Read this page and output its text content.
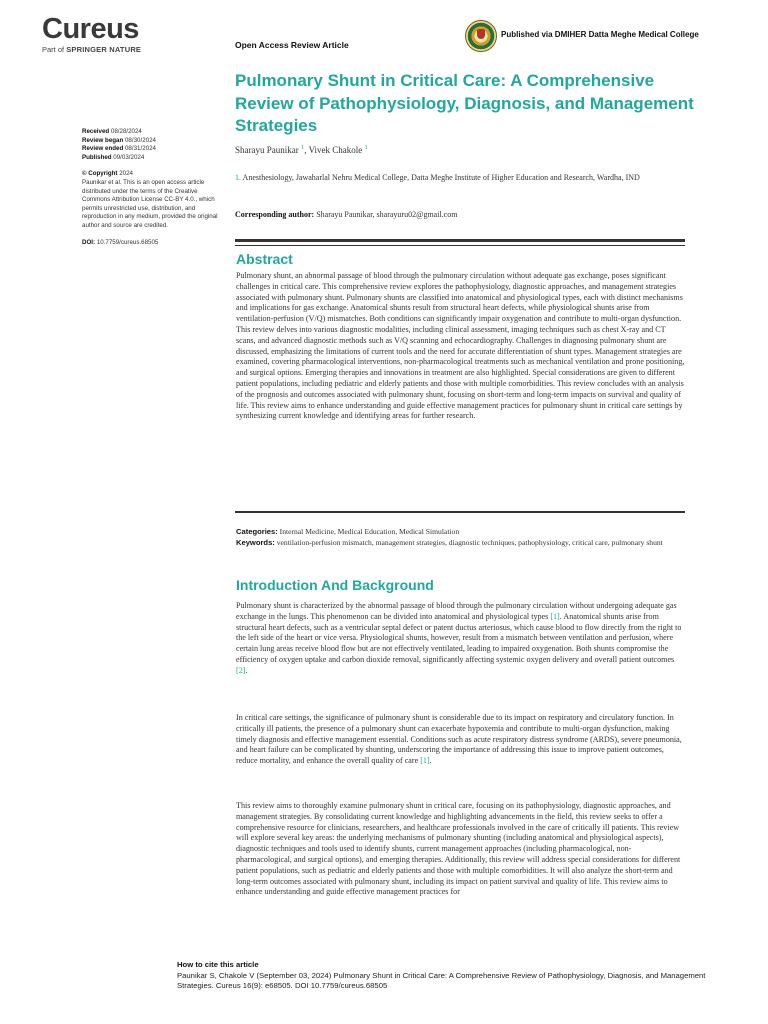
Cureus
Part of SPRINGER NATURE	Open Access Review Article
Published via DMIHER Datta Meghe Medical College
Pulmonary Shunt in Critical Care: A Comprehensive Review of Pathophysiology, Diagnosis, and Management Strategies
Sharayu Paunikar $^1$, Vivek Chakole $^1$
1. Anesthesiology, Jawaharlal Nehru Medical College, Datta Meghe Institute of Higher Education and Research, Wardha, IND
Corresponding author: Sharayu Paunikar, sharayuru02@gmail.com
Received 08/28/2024
Review began 08/30/2024
Review ended 08/31/2024
Published 09/03/2024
© Copyright 2024
Paunikar et al. This is an open access article distributed under the terms of the Creative Commons Attribution License CC-BY 4.0., which permits unrestricted use, distribution, and reproduction in any medium, provided the original author and source are credited.
DOI: 10.7759/cureus.68505
Abstract
Pulmonary shunt, an abnormal passage of blood through the pulmonary circulation without adequate gas exchange, poses significant challenges in critical care. This comprehensive review explores the pathophysiology, diagnostic approaches, and management strategies associated with pulmonary shunt. Pulmonary shunts are classified into anatomical and physiological types, each with distinct mechanisms and implications for gas exchange. Anatomical shunts result from structural heart defects, while physiological shunts arise from ventilation-perfusion (V/Q) mismatches. Both conditions can significantly impair oxygenation and contribute to multi-organ dysfunction. This review delves into various diagnostic modalities, including clinical assessment, imaging techniques such as chest X-ray and CT scans, and advanced diagnostic methods such as V/Q scanning and echocardiography. Challenges in diagnosing pulmonary shunt are discussed, emphasizing the limitations of current tools and the need for accurate differentiation of shunt types. Management strategies are examined, covering pharmacological interventions, non-pharmacological treatments such as mechanical ventilation and prone positioning, and surgical options. Emerging therapies and innovations in treatment are also highlighted. Special considerations are given to different patient populations, including pediatric and elderly patients and those with multiple comorbidities. This review concludes with an analysis of the prognosis and outcomes associated with pulmonary shunt, focusing on short-term and long-term impacts on survival and quality of life. This review aims to enhance understanding and guide effective management practices for pulmonary shunt in critical care settings by synthesizing current knowledge and identifying areas for further research.
Categories: Internal Medicine, Medical Education, Medical Simulation
Keywords: ventilation-perfusion mismatch, management strategies, diagnostic techniques, pathophysiology, critical care, pulmonary shunt
Introduction And Background
Pulmonary shunt is characterized by the abnormal passage of blood through the pulmonary circulation without undergoing adequate gas exchange in the lungs. This phenomenon can be divided into anatomical and physiological types [1]. Anatomical shunts arise from structural heart defects, such as a ventricular septal defect or patent ductus arteriosus, which cause blood to flow directly from the right to the left side of the heart or vice versa. Physiological shunts, however, result from a mismatch between ventilation and perfusion, where certain lung areas receive blood flow but are not effectively ventilated, leading to impaired oxygenation. Both shunts compromise the efficiency of oxygen uptake and carbon dioxide removal, significantly affecting systemic oxygen delivery and overall patient outcomes [2].
In critical care settings, the significance of pulmonary shunt is considerable due to its impact on respiratory and circulatory function. In critically ill patients, the presence of a pulmonary shunt can exacerbate hypoxemia and contribute to multi-organ dysfunction, making timely diagnosis and effective management essential. Conditions such as acute respiratory distress syndrome (ARDS), severe pneumonia, and heart failure can be complicated by shunting, underscoring the importance of addressing this issue to improve patient outcomes, reduce mortality, and enhance the overall quality of care [1].
This review aims to thoroughly examine pulmonary shunt in critical care, focusing on its pathophysiology, diagnostic approaches, and management strategies. By consolidating current knowledge and highlighting advancements in the field, this review seeks to offer a comprehensive resource for clinicians, researchers, and healthcare professionals involved in the care of critically ill patients. This review will explore several key areas: the underlying mechanisms of pulmonary shunting (including anatomical and physiological aspects), diagnostic techniques and tools used to identify shunts, current management approaches (including pharmacological, non-pharmacological, and surgical options), and emerging therapies. Additionally, this review will address special considerations for different patient populations, such as pediatric and elderly patients and those with multiple comorbidities. It will also analyze the short-term and long-term outcomes associated with pulmonary shunt, including its impact on patient survival and quality of life. This review aims to enhance understanding and guide effective management practices for
How to cite this article
Paunikar S, Chakole V (September 03, 2024) Pulmonary Shunt in Critical Care: A Comprehensive Review of Pathophysiology, Diagnosis, and Management Strategies. Cureus 16(9): e68505. DOI 10.7759/cureus.68505
